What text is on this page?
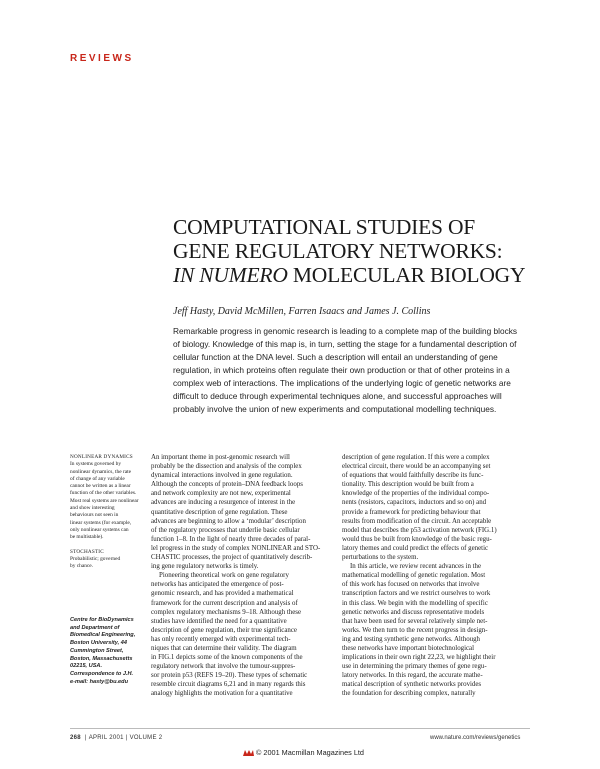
REVIEWS
COMPUTATIONAL STUDIES OF
GENE REGULATORY NETWORKS:
IN NUMERO MOLECULAR BIOLOGY
Jeff Hasty, David McMillen, Farren Isaacs and James J. Collins
Remarkable progress in genomic research is leading to a complete map of the building blocks
of biology. Knowledge of this map is, in turn, setting the stage for a fundamental description of
cellular function at the DNA level. Such a description will entail an understanding of gene
regulation, in which proteins often regulate their own production or that of other proteins in a
complex web of interactions. The implications of the underlying logic of genetic networks are
difficult to deduce through experimental techniques alone, and successful approaches will
probably involve the union of new experiments and computational modelling techniques.
NONLINEAR DYNAMICS
In systems governed by
nonlinear dynamics, the rate
of change of any variable
cannot be written as a linear
function of the other variables.
Most real systems are nonlinear
and show interesting
behaviours not seen in
linear systems (for example,
only nonlinear systems can
be multistable).
STOCHASTIC
Probabilistic; governed
by chance.
Centre for BioDynamics
and Department of
Biomedical Engineering,
Boston University, 44
Cummington Street,
Boston, Massachusetts
02215, USA.
Correspondence to J.H.
e-mail: hasty@bu.edu
An important theme in post-genomic research will
probably be the dissection and analysis of the complex
dynamical interactions involved in gene regulation.
Although the concepts of protein–DNA feedback loops
and network complexity are not new, experimental
advances are inducing a resurgence of interest in the
quantitative description of gene regulation. These
advances are beginning to allow a ‘modular’ description
of the regulatory processes that underlie basic cellular
function 1–8. In the light of nearly three decades of paral-
lel progress in the study of complex NONLINEAR and STO-
CHASTIC processes, the project of quantitatively describ-
ing gene regulatory networks is timely.
Pioneering theoretical work on gene regulatory
networks has anticipated the emergence of post-
genomic research, and has provided a mathematical
framework for the current description and analysis of
complex regulatory mechanisms 9–18. Although these
studies have identified the need for a quantitative
description of gene regulation, their true significance
has only recently emerged with experimental tech-
niques that can determine their validity. The diagram
in FIG.1 depicts some of the known components of the
regulatory network that involve the tumour-suppres-
sor protein p53 (REFS 19–20). These types of schematic
resemble circuit diagrams 6,21 and in many regards this
analogy highlights the motivation for a quantitative
description of gene regulation. If this were a complex
electrical circuit, there would be an accompanying set
of equations that would faithfully describe its func-
tionality. This description would be built from a
knowledge of the properties of the individual compo-
nents (resistors, capacitors, inductors and so on) and
provide a framework for predicting behaviour that
results from modification of the circuit. An acceptable
model that describes the p53 activation network (FIG.1)
would thus be built from knowledge of the basic regu-
latory themes and could predict the effects of genetic
perturbations to the system.
In this article, we review recent advances in the
mathematical modelling of genetic regulation. Most
of this work has focused on networks that involve
transcription factors and we restrict ourselves to work
in this class. We begin with the modelling of specific
genetic networks and discuss representative models
that have been used for several relatively simple net-
works. We then turn to the recent progress in design-
ing and testing synthetic gene networks. Although
these networks have important biotechnological
implications in their own right 22,23, we highlight their
use in determining the primary themes of gene regu-
latory networks. In this regard, the accurate mathe-
matical description of synthetic networks provides
the foundation for describing complex, naturally
268  | APRIL 2001 | VOLUME 2
© 2001 Macmillan Magazines Ltd
www.nature.com/reviews/genetics
